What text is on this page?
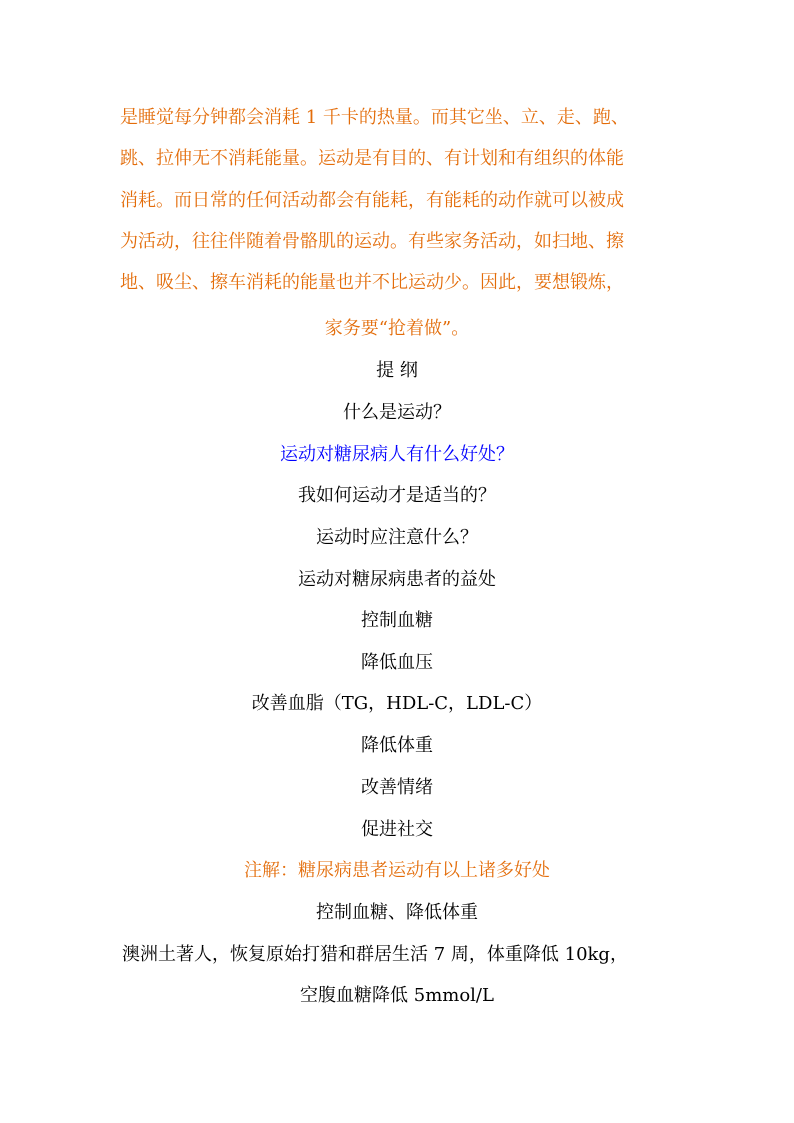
是睡觉每分钟都会消耗 1 千卡的热量。而其它坐、立、走、跑、
跳、拉伸无不消耗能量。运动是有目的、有计划和有组织的体能
消耗。而日常的任何活动都会有能耗，有能耗的动作就可以被成
为活动，往往伴随着骨骼肌的运动。有些家务活动，如扫地、擦
地、吸尘、擦车消耗的能量也并不比运动少。因此，要想锻炼，
家务要“抢着做”。
提 纲
什么是运动？
运动对糖尿病人有什么好处？
我如何运动才是适当的？
运动时应注意什么？
运动对糖尿病患者的益处
控制血糖
降低血压
改善血脂（TG，HDL-C，LDL-C）
降低体重
改善情绪
促进社交
注解：糖尿病患者运动有以上诸多好处
控制血糖、降低体重
澳洲土著人，恢复原始打猎和群居生活 7 周，体重降低 10kg，
空腹血糖降低 5mmol/L
